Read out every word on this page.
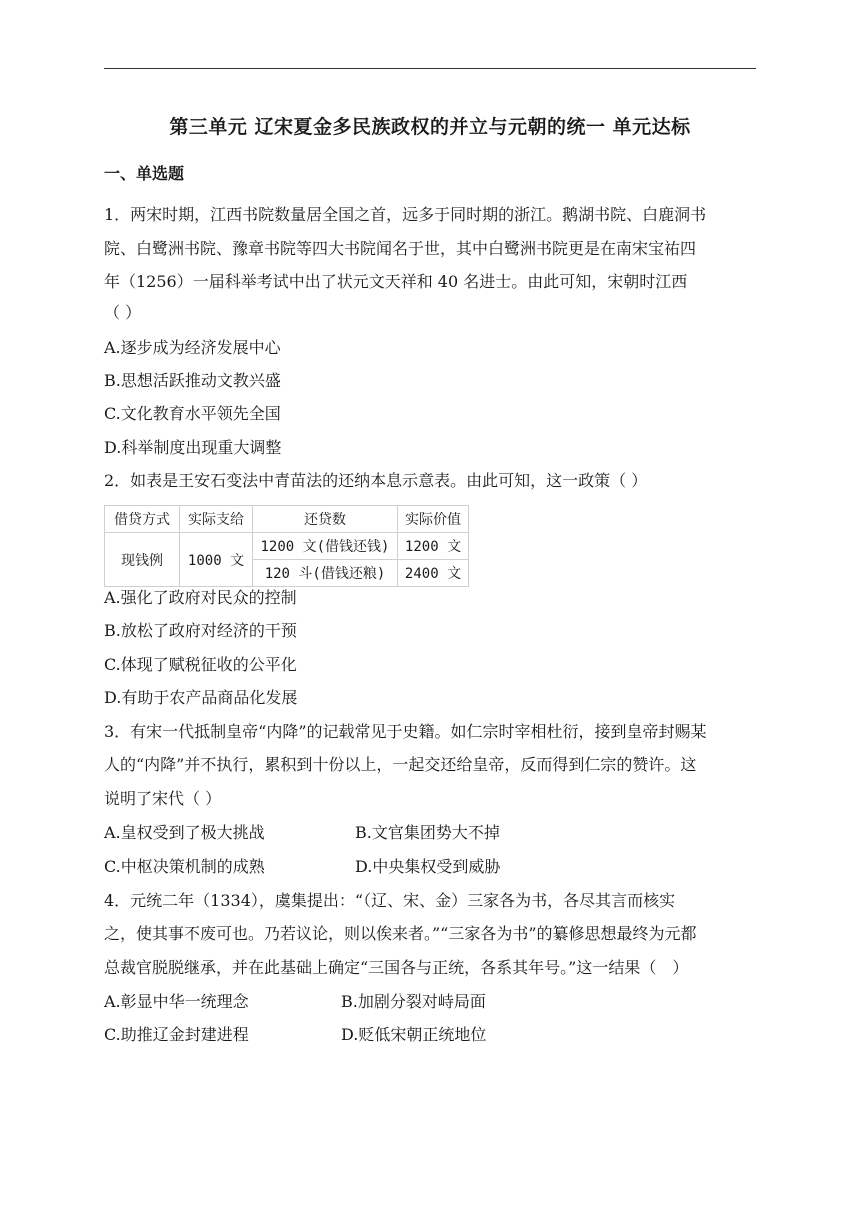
第三单元 辽宋夏金多民族政权的并立与元朝的统一 单元达标
一、单选题
1．两宋时期，江西书院数量居全国之首，远多于同时期的浙江。鹅湖书院、白鹿洞书
院、白鹭洲书院、豫章书院等四大书院闻名于世，其中白鹭洲书院更是在南宋宝祐四
年（1256）一届科举考试中出了状元文天祥和 40 名进士。由此可知，宋朝时江西
（ ）
A.逐步成为经济发展中心
B.思想活跃推动文教兴盛
C.文化教育水平领先全国
D.科举制度出现重大调整
2．如表是王安石变法中青苗法的还纳本息示意表。由此可知，这一政策（ ）
借贷方式	实际支给	还贷数	实际价值
现钱例	1000 文	1200 文(借钱还钱)	1200 文
		120 斗(借钱还粮)	2400 文
A.强化了政府对民众的控制
B.放松了政府对经济的干预
C.体现了赋税征收的公平化
D.有助于农产品商品化发展
3．有宋一代抵制皇帝“内降”的记载常见于史籍。如仁宗时宰相杜衍，接到皇帝封赐某
人的“内降”并不执行，累积到十份以上，一起交还给皇帝，反而得到仁宗的赞许。这
说明了宋代（ ）
A.皇权受到了极大挑战	B.文官集团势大不掉
C.中枢决策机制的成熟	D.中央集权受到威胁
4．元统二年（1334），虞集提出：“（辽、宋、金）三家各为书，各尽其言而核实
之，使其事不废可也。乃若议论，则以俟来者。”“三家各为书”的纂修思想最终为元都
总裁官脱脱继承，并在此基础上确定“三国各与正统，各系其年号。”这一结果（　）
A.彰显中华一统理念	B.加剧分裂对峙局面
C.助推辽金封建进程	D.贬低宋朝正统地位
